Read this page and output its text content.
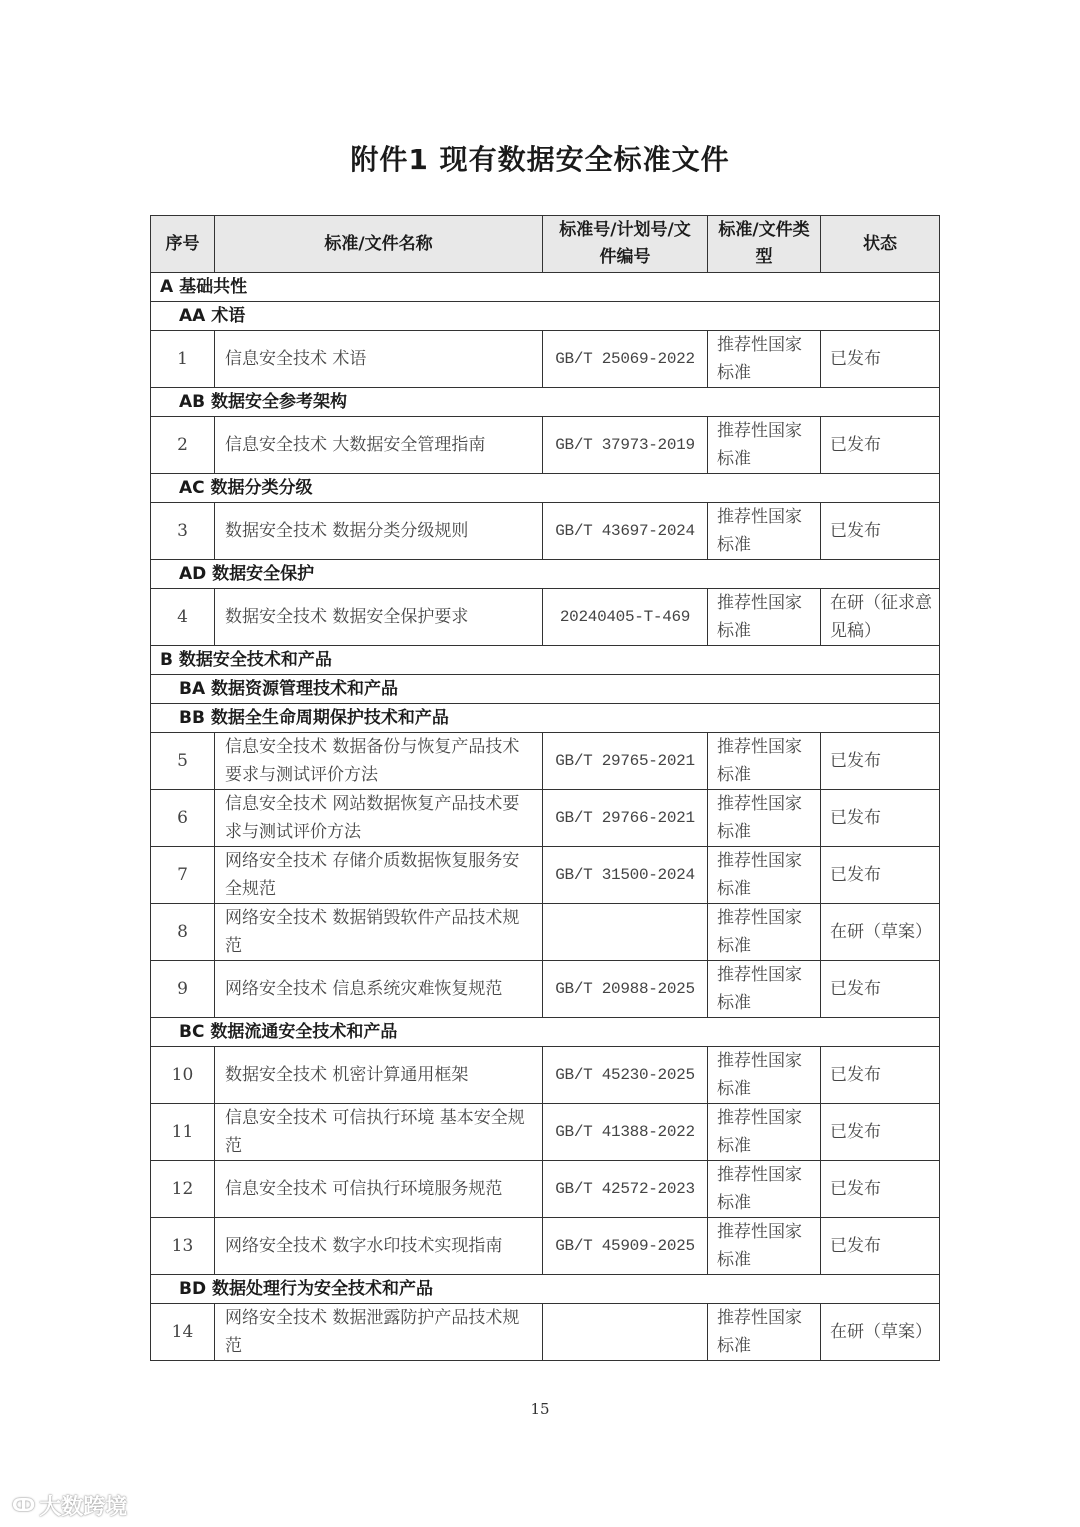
附件1 现有数据安全标准文件
序号	标准/文件名称	标准号/计划号/文件编号	标准/文件类型	状态
A 基础共性				
AA 术语				
1	信息安全技术 术语	GB/T 25069-2022	推荐性国家标准	已发布
AB 数据安全参考架构				
2	信息安全技术 大数据安全管理指南	GB/T 37973-2019	推荐性国家标准	已发布
AC 数据分类分级				
3	数据安全技术 数据分类分级规则	GB/T 43697-2024	推荐性国家标准	已发布
AD 数据安全保护				
4	数据安全技术 数据安全保护要求	20240405-T-469	推荐性国家标准	在研（征求意见稿）
B 数据安全技术和产品				
BA 数据资源管理技术和产品				
BB 数据全生命周期保护技术和产品				
5	信息安全技术 数据备份与恢复产品技术要求与测试评价方法	GB/T 29765-2021	推荐性国家标准	已发布
6	信息安全技术 网站数据恢复产品技术要求与测试评价方法	GB/T 29766-2021	推荐性国家标准	已发布
7	网络安全技术 存储介质数据恢复服务安全规范	GB/T 31500-2024	推荐性国家标准	已发布
8	网络安全技术 数据销毁软件产品技术规范		推荐性国家标准	在研（草案）
9	网络安全技术 信息系统灾难恢复规范	GB/T 20988-2025	推荐性国家标准	已发布
BC 数据流通安全技术和产品				
10	数据安全技术 机密计算通用框架	GB/T 45230-2025	推荐性国家标准	已发布
11	信息安全技术 可信执行环境 基本安全规范	GB/T 41388-2022	推荐性国家标准	已发布
12	信息安全技术 可信执行环境服务规范	GB/T 42572-2023	推荐性国家标准	已发布
13	网络安全技术 数字水印技术实现指南	GB/T 45909-2025	推荐性国家标准	已发布
BD 数据处理行为安全技术和产品				
14	网络安全技术 数据泄露防护产品技术规范		推荐性国家标准	在研（草案）
15
ↀ 大数跨境
